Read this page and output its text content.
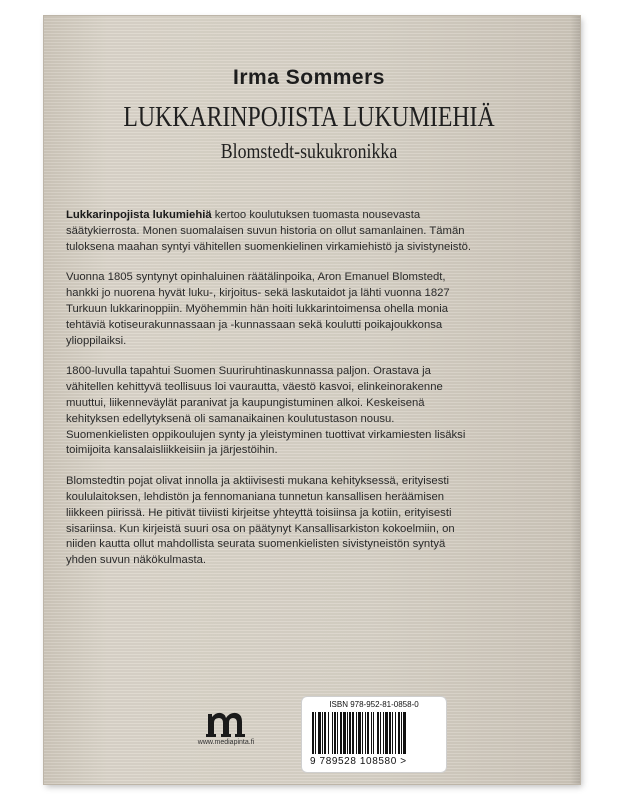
Irma Sommers
LUKKARINPOJISTA LUKUMIEHIÄ
Blomstedt-sukukronikka

Lukkarinpojista lukumiehiä kertoo koulutuksen tuomasta nousevasta säätykierrosta. Monen suomalaisen suvun historia on ollut samanlainen. Tämän tuloksena maahan syntyi vähitellen suomenkielinen virkamiehistö ja sivistyneistö.

Vuonna 1805 syntynyt opinhaluinen räätälinpoika, Aron Emanuel Blomstedt, hankki jo nuorena hyvät luku-, kirjoitus- sekä laskutaidot ja lähti vuonna 1827 Turkuun lukkarinoppiin. Myöhemmin hän hoiti lukkarintoimensa ohella monia tehtäviä kotiseurakunnassaan ja -kunnassaan sekä koulutti poikajoukkonsa ylioppilaiksi.

1800-luvulla tapahtui Suomen Suuriruhtinaskunnassa paljon. Orastava ja vähitellen kehittyvä teollisuus loi vaurautta, väestö kasvoi, elinkeinorakenne muuttui, liikenneväylät paranivat ja kaupungistuminen alkoi. Keskeisenä kehityksen edellytyksenä oli samanaikainen koulutustason nousu. Suomenkielisten oppikoulujen synty ja yleistyminen tuottivat virkamiesten lisäksi toimijoita kansalaisliikkeisiin ja järjestöihin.

Blomstedtin pojat olivat innolla ja aktiivisesti mukana kehityksessä, erityisesti koululaitoksen, lehdistön ja fennomaniana tunnetun kansallisen heräämisen liikkeen piirissä. He pitivät tiiviisti kirjeitse yhteyttä toisiinsa ja kotiin, erityisesti sisariinsa. Kun kirjeistä suuri osa on päätynyt Kansallisarkiston kokoelmiin, on niiden kautta ollut mahdollista seurata suomenkielisten sivistyneistön syntyä yhden suvun näkökulmasta.

www.mediapinta.fi
ISBN 978-952-81-0858-0
9 789528 108580 >
